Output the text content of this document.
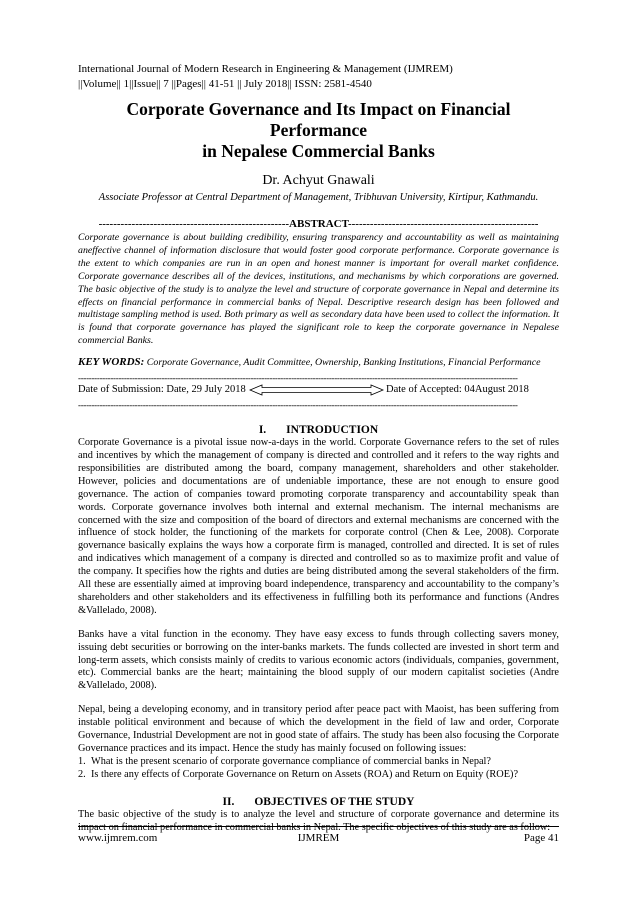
International Journal of Modern Research in Engineering & Management (IJMREM)
||Volume|| 1||Issue|| 7 ||Pages|| 41-51 || July 2018|| ISSN: 2581-4540
Corporate Governance and Its Impact on Financial Performance
in Nepalese Commercial Banks
Dr. Achyut Gnawali
Associate Professor at Central Department of Management, Tribhuvan University, Kirtipur, Kathmandu.
----------------------------------------------------ABSTRACT----------------------------------------------------
Corporate governance is about building credibility, ensuring transparency and accountability as well as maintaining aneffective channel of information disclosure that would foster good corporate performance. Corporate governance is the extent to which companies are run in an open and honest manner is important for overall market confidence. Corporate governance describes all of the devices, institutions, and mechanisms by which corporations are governed. The basic objective of the study is to analyze the level and structure of corporate governance in Nepal and determine its effects on financial performance in commercial banks of Nepal. Descriptive research design has been followed and multistage sampling method is used. Both primary as well as secondary data have been used to collect the information. It is found that corporate governance has played the significant role to keep the corporate governance in Nepalese commercial Banks.
KEY WORDS: Corporate Governance, Audit Committee, Ownership, Banking Institutions, Financial Performance
-------------------------------------------------------------------------------------------------------------------------------------------------------------------
Date of Submission: Date, 29 July 2018	Date of Accepted: 04August 2018
-------------------------------------------------------------------------------------------------------------------------------------------------------------------
I. INTRODUCTION
Corporate Governance is a pivotal issue now-a-days in the world. Corporate Governance refers to the set of rules and incentives by which the management of company is directed and controlled and it refers to the way rights and responsibilities are distributed among the board, company management, shareholders and other stakeholder. However, policies and documentations are of undeniable importance, these are not enough to ensure good governance. The action of companies toward promoting corporate transparency and accountability speak than words. Corporate governance involves both internal and external mechanism. The internal mechanisms are concerned with the size and composition of the board of directors and external mechanisms are concerned with the influence of stock holder, the functioning of the markets for corporate control (Chen & Lee, 2008). Corporate governance basically explains the ways how a corporate firm is managed, controlled and directed. It is set of rules and indicatives which management of a company is directed and controlled so as to maximize profit and value of the company. It specifies how the rights and duties are being distributed among the several stakeholders of the firm. All these are essentially aimed at improving board independence, transparency and accountability to the company’s shareholders and other stakeholders and its effectiveness in fulfilling both its performance and functions (Andres &Vallelado, 2008).
Banks have a vital function in the economy. They have easy excess to funds through collecting savers money, issuing debt securities or borrowing on the inter-banks markets. The funds collected are invested in short term and long-term assets, which consists mainly of credits to various economic actors (individuals, companies, government, etc). Commercial banks are the heart; maintaining the blood supply of our modern capitalist societies (Andre &Vallelado, 2008).
Nepal, being a developing economy, and in transitory period after peace pact with Maoist, has been suffering from instable political environment and because of which the development in the field of law and order, Corporate Governance, Industrial Development are not in good state of affairs. The study has been also focusing the Corporate Governance practices and its impact. Hence the study has mainly focused on following issues:
1. What is the present scenario of corporate governance compliance of commercial banks in Nepal?
2. Is there any effects of Corporate Governance on Return on Assets (ROA) and Return on Equity (ROE)?
II. OBJECTIVES OF THE STUDY
The basic objective of the study is to analyze the level and structure of corporate governance and determine its impact on financial performance in commercial banks in Nepal. The specific objectives of this study are as follow:
www.ijmrem.com	IJMREM	Page 41
